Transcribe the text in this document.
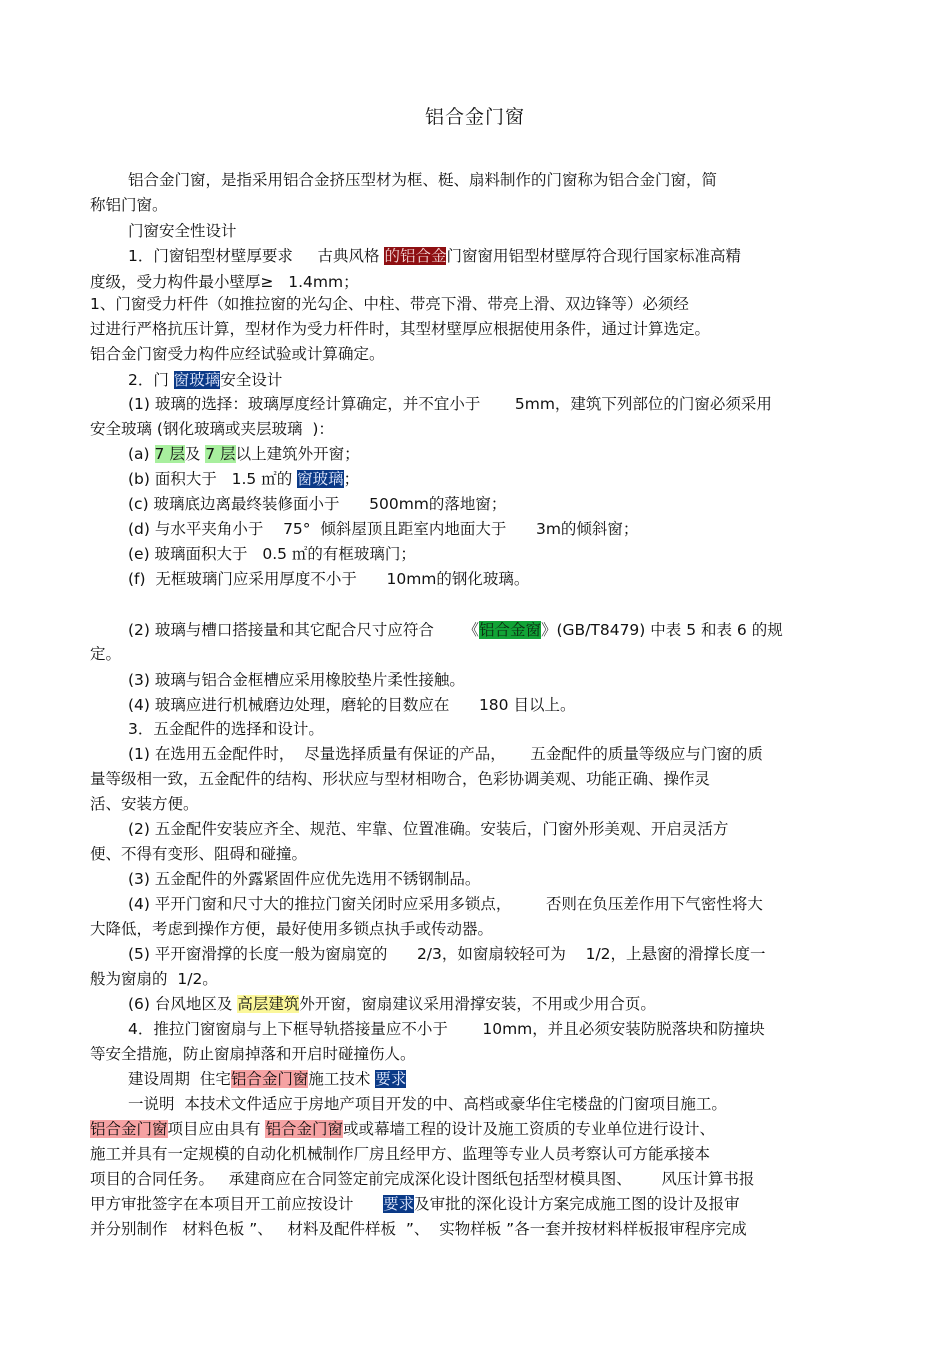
铝合金门窗
铝合金门窗，是指采用铝合金挤压型材为框、梃、扇料制作的门窗称为铝合金门窗，简
称铝门窗。
门窗安全性设计
1．门窗铝型材壁厚要求     古典风格 的铝合金门窗窗用铝型材壁厚符合现行国家标准高精
度级，受力构件最小壁厚≥   1.4mm；
1、门窗受力杆件（如推拉窗的光勾企、中柱、带亮下滑、带亮上滑、双边锋等）必须经
过进行严格抗压计算，型材作为受力杆件时，其型材壁厚应根据使用条件，通过计算选定。
铝合金门窗受力构件应经试验或计算确定。
2．门 窗玻璃安全设计
(1) 玻璃的选择：玻璃厚度经计算确定，并不宜小于       5mm，建筑下列部位的门窗必须采用
安全玻璃 (钢化玻璃或夹层玻璃  )：
(a) 7 层及 7 层以上建筑外开窗；
(b) 面积大于   1.5 ㎡的 窗玻璃；
(c) 玻璃底边离最终装修面小于      500mm的落地窗；
(d) 与水平夹角小于    75°  倾斜屋顶且距室内地面大于      3m的倾斜窗；
(e) 玻璃面积大于   0.5 ㎡的有框玻璃门；
(f)  无框玻璃门应采用厚度不小于      10mm的钢化玻璃。
(2) 玻璃与槽口搭接量和其它配合尺寸应符合      《铝合金窗》(GB/T8479) 中表 5 和表 6 的规
定。
(3) 玻璃与铝合金框槽应采用橡胶垫片柔性接触。
(4) 玻璃应进行机械磨边处理，磨轮的目数应在      180 目以上。
3．五金配件的选择和设计。
(1) 在选用五金配件时，  尽量选择质量有保证的产品，     五金配件的质量等级应与门窗的质
量等级相一致，五金配件的结构、形状应与型材相吻合，色彩协调美观、功能正确、操作灵
活、安装方便。
(2) 五金配件安装应齐全、规范、牢靠、位置准确。安装后，门窗外形美观、开启灵活方
便、不得有变形、阻碍和碰撞。
(3) 五金配件的外露紧固件应优先选用不锈钢制品。
(4) 平开门窗和尺寸大的推拉门窗关闭时应采用多锁点，       否则在负压差作用下气密性将大
大降低，考虑到操作方便，最好使用多锁点执手或传动器。
(5) 平开窗滑撑的长度一般为窗扇宽的      2/3，如窗扇较轻可为    1/2，上悬窗的滑撑长度一
般为窗扇的  1/2。
(6) 台风地区及 高层建筑外开窗，窗扇建议采用滑撑安装，不用或少用合页。
4．推拉门窗窗扇与上下框导轨搭接量应不小于       10mm，并且必须安装防脱落块和防撞块
等安全措施，防止窗扇掉落和开启时碰撞伤人。
建设周期  住宅铝合金门窗施工技术 要求
一说明  本技术文件适应于房地产项目开发的中、高档或豪华住宅楼盘的门窗项目施工。
铝合金门窗项目应由具有 铝合金门窗或或幕墙工程的设计及施工资质的专业单位进行设计、
施工并具有一定规模的自动化机械制作厂房且经甲方、监理等专业人员考察认可方能承接本
项目的合同任务。   承建商应在合同签定前完成深化设计图纸包括型材模具图、      风压计算书报
甲方审批签字在本项目开工前应按设计      要求及审批的深化设计方案完成施工图的设计及报审
并分别制作   材料色板 ”、   材料及配件样板  ”、  实物样板 ”各一套并按材料样板报审程序完成
